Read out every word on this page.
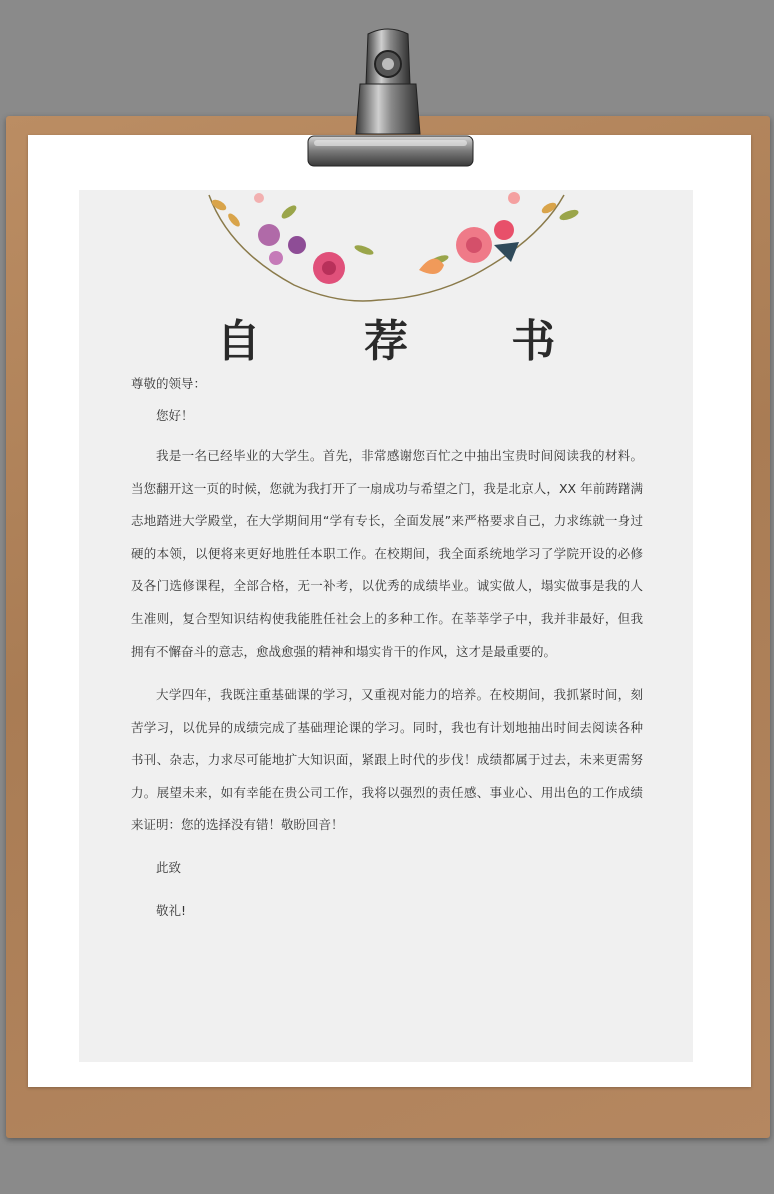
自 荐 书
尊敬的领导：
您好！
我是一名已经毕业的大学生。首先，非常感谢您百忙之中抽出宝贵时间阅读我的材料。当您翻开这一页的时候，您就为我打开了一扇成功与希望之门，我是北京人，XX 年前踌躇满志地踏进大学殿堂，在大学期间用“学有专长，全面发展”来严格要求自己，力求练就一身过硬的本领，以便将来更好地胜任本职工作。在校期间，我全面系统地学习了学院开设的必修及各门选修课程，全部合格，无一补考，以优秀的成绩毕业。诚实做人，塌实做事是我的人生准则，复合型知识结构使我能胜任社会上的多种工作。在莘莘学子中，我并非最好，但我拥有不懈奋斗的意志，愈战愈强的精神和塌实肯干的作风，这才是最重要的。
大学四年，我既注重基础课的学习，又重视对能力的培养。在校期间，我抓紧时间，刻苦学习，以优异的成绩完成了基础理论课的学习。同时，我也有计划地抽出时间去阅读各种书刊、杂志，力求尽可能地扩大知识面，紧跟上时代的步伐！成绩都属于过去，未来更需努力。展望未来，如有幸能在贵公司工作，我将以强烈的责任感、事业心、用出色的工作成绩来证明：您的选择没有错！敬盼回音！
此致
敬礼!
